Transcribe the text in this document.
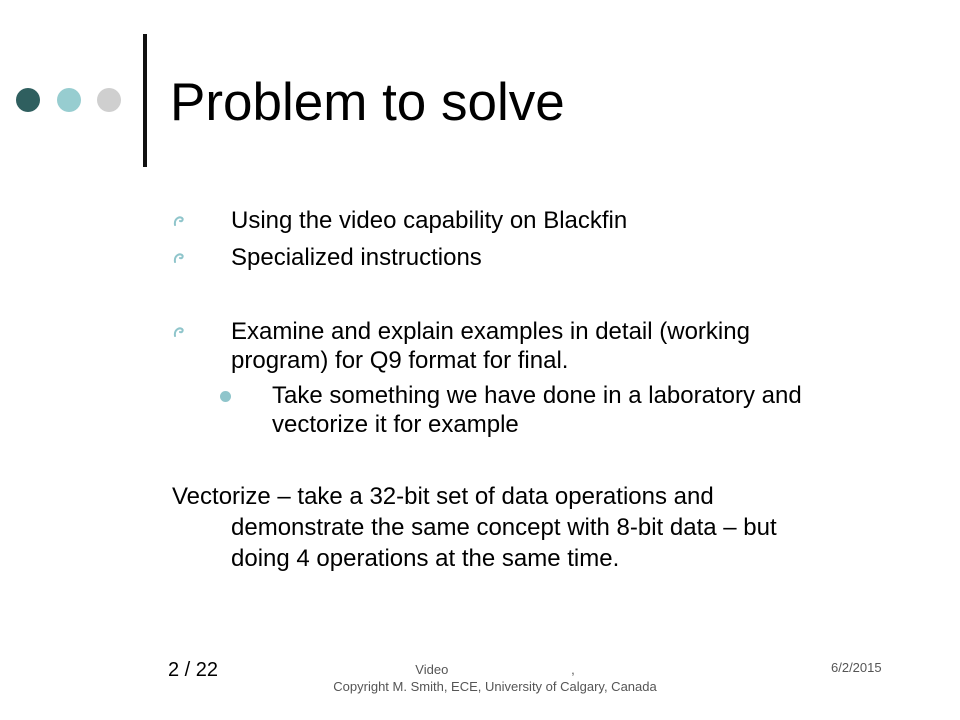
Problem to solve
Using the video capability on Blackfin
Specialized instructions
Examine and explain examples in detail (working
program) for Q9 format for final.
Take something we have done in a laboratory and
vectorize it for example
Vectorize – take a 32-bit set of data operations and
demonstrate the same concept with 8-bit data – but
doing 4 operations at the same time.
2 / 22	Video                                  ,
Copyright M. Smith, ECE, University of Calgary, Canada
6/2/2015
